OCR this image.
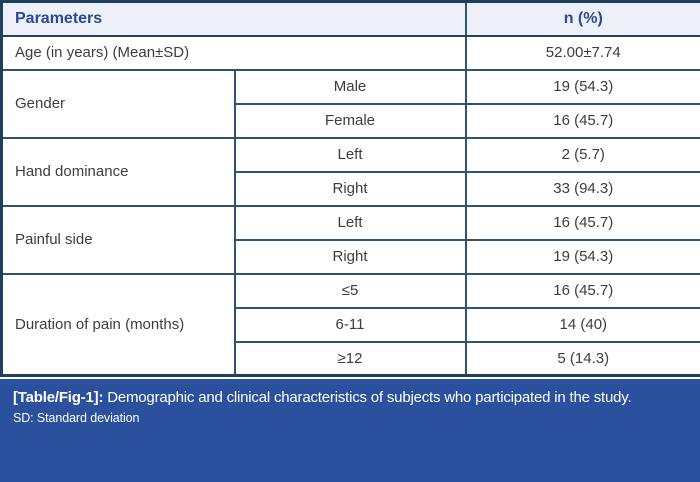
Parameters		n (%)
Age (in years) (Mean±SD)		52.00±7.74
Gender	Male	19 (54.3)
	Female	16 (45.7)
Hand dominance	Left	2 (5.7)
	Right	33 (94.3)
Painful side	Left	16 (45.7)
	Right	19 (54.3)
Duration of pain (months)	≤5	16 (45.7)
	6-11	14 (40)
	≥12	5 (14.3)

[Table/Fig-1]: Demographic and clinical characteristics of subjects who participated in the study.

SD: Standard deviation
